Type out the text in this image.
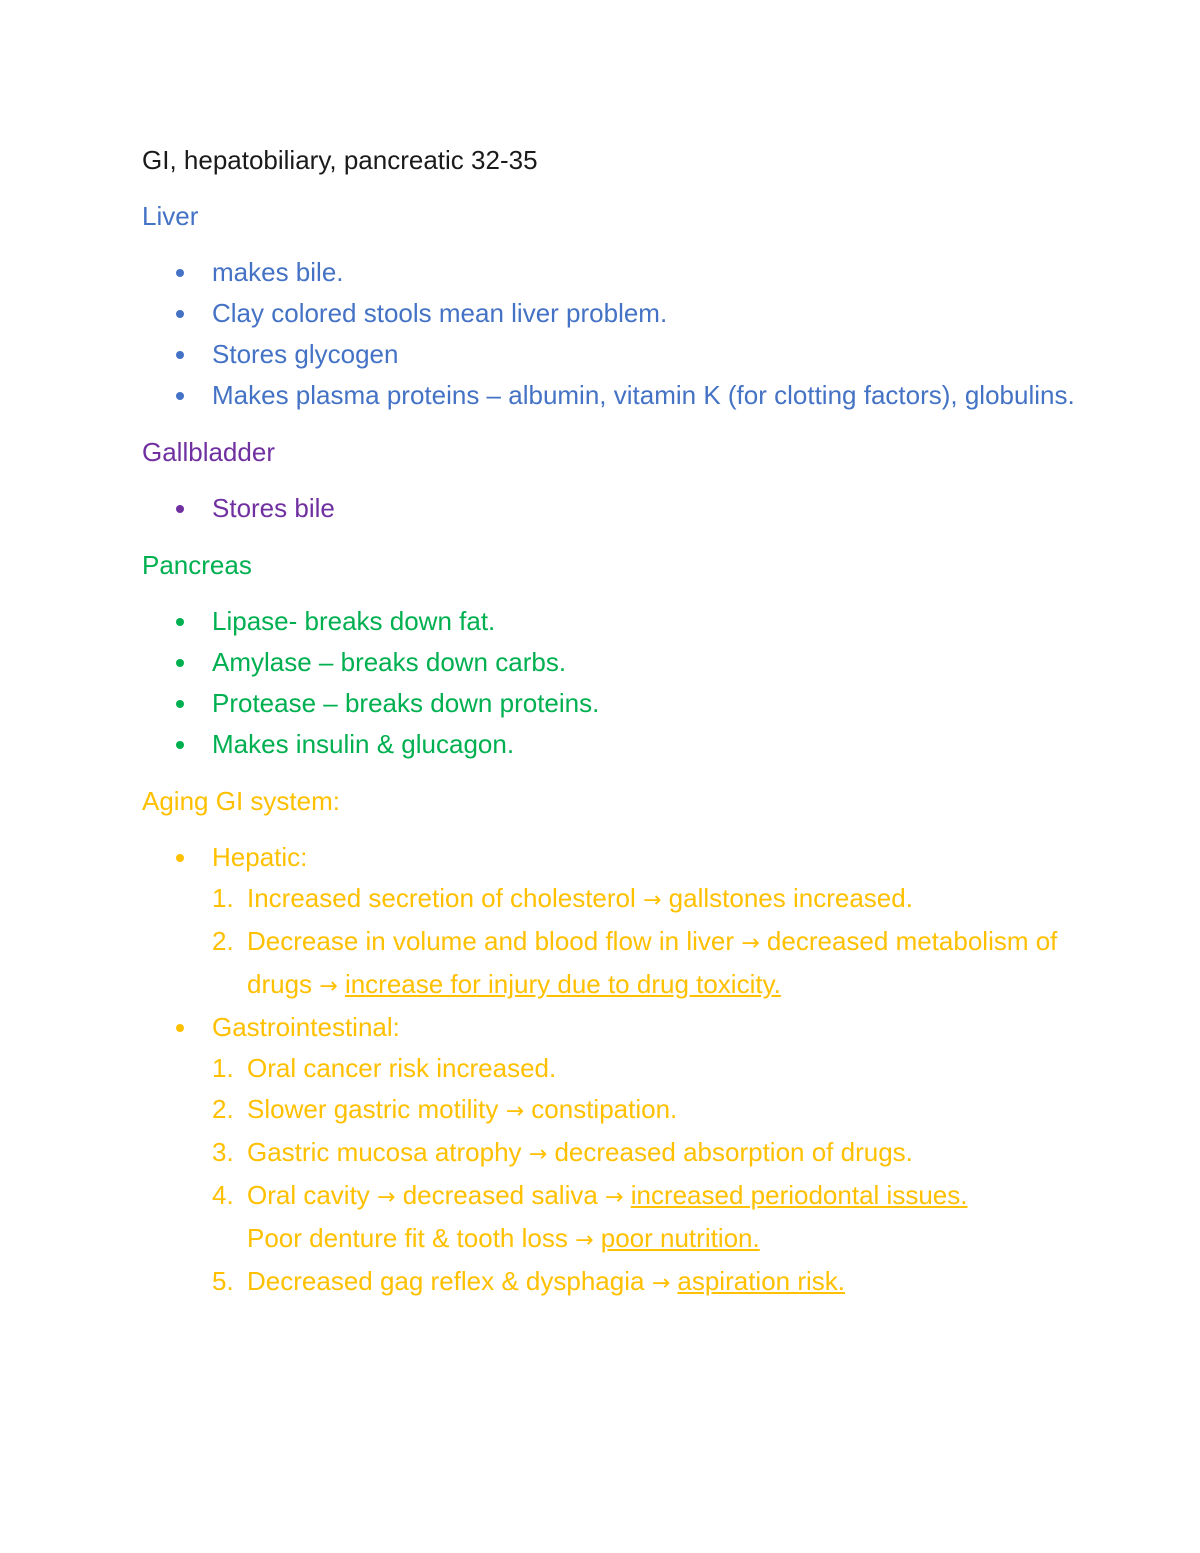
GI, hepatobiliary, pancreatic 32-35
Liver
makes bile.
Clay colored stools mean liver problem.
Stores glycogen
Makes plasma proteins – albumin, vitamin K (for clotting factors), globulins.
Gallbladder
Stores bile
Pancreas
Lipase- breaks down fat.
Amylase – breaks down carbs.
Protease – breaks down proteins.
Makes insulin & glucagon.
Aging GI system:
Hepatic:
1. Increased secretion of cholesterol → gallstones increased.
2. Decrease in volume and blood flow in liver → decreased metabolism of drugs → increase for injury due to drug toxicity.
Gastrointestinal:
1. Oral cancer risk increased.
2. Slower gastric motility → constipation.
3. Gastric mucosa atrophy → decreased absorption of drugs.
4. Oral cavity → decreased saliva → increased periodontal issues.
Poor denture fit & tooth loss → poor nutrition.
5. Decreased gag reflex & dysphagia → aspiration risk.
